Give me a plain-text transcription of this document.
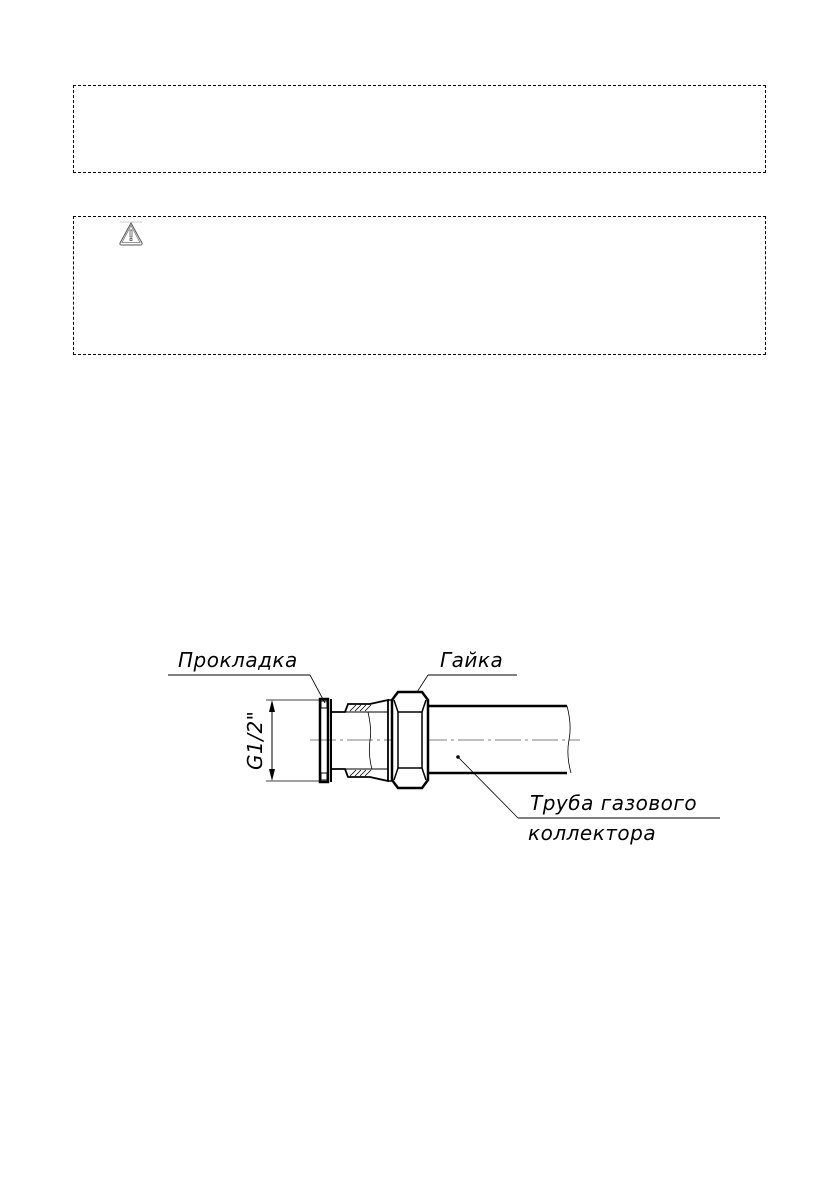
Прокладка	Гайка
G1/2"
Труба газового
коллектора
